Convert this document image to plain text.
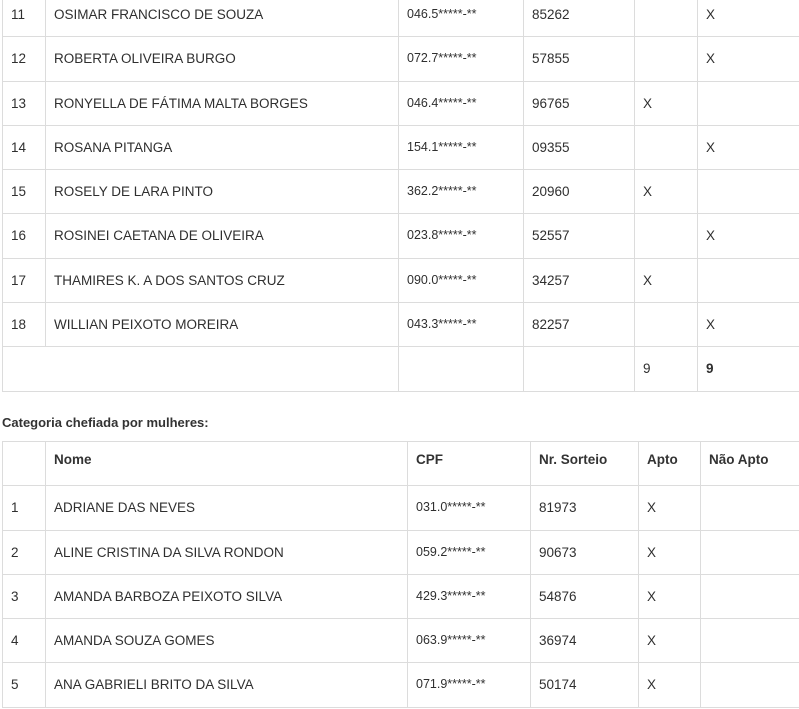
11	OSIMAR FRANCISCO DE SOUZA	046.5*****-**	85262		X
12	ROBERTA OLIVEIRA BURGO	072.7*****-**	57855		X
13	RONYELLA DE FÁTIMA MALTA BORGES	046.4*****-**	96765	X	
14	ROSANA PITANGA	154.1*****-**	09355		X
15	ROSELY DE LARA PINTO	362.2*****-**	20960	X	
16	ROSINEI CAETANA DE OLIVEIRA	023.8*****-**	52557		X
17	THAMIRES K. A DOS SANTOS CRUZ	090.0*****-**	34257	X	
18	WILLIAN PEIXOTO MOREIRA	043.3*****-**	82257		X
				9	9
Categoria chefiada por mulheres:
	Nome	CPF	Nr. Sorteio	Apto	Não Apto
1	ADRIANE DAS NEVES	031.0*****-**	81973	X	
2	ALINE CRISTINA DA SILVA RONDON	059.2*****-**	90673	X	
3	AMANDA BARBOZA PEIXOTO SILVA	429.3*****-**	54876	X	
4	AMANDA SOUZA GOMES	063.9*****-**	36974	X	
5	ANA GABRIELI BRITO DA SILVA	071.9*****-**	50174	X	
